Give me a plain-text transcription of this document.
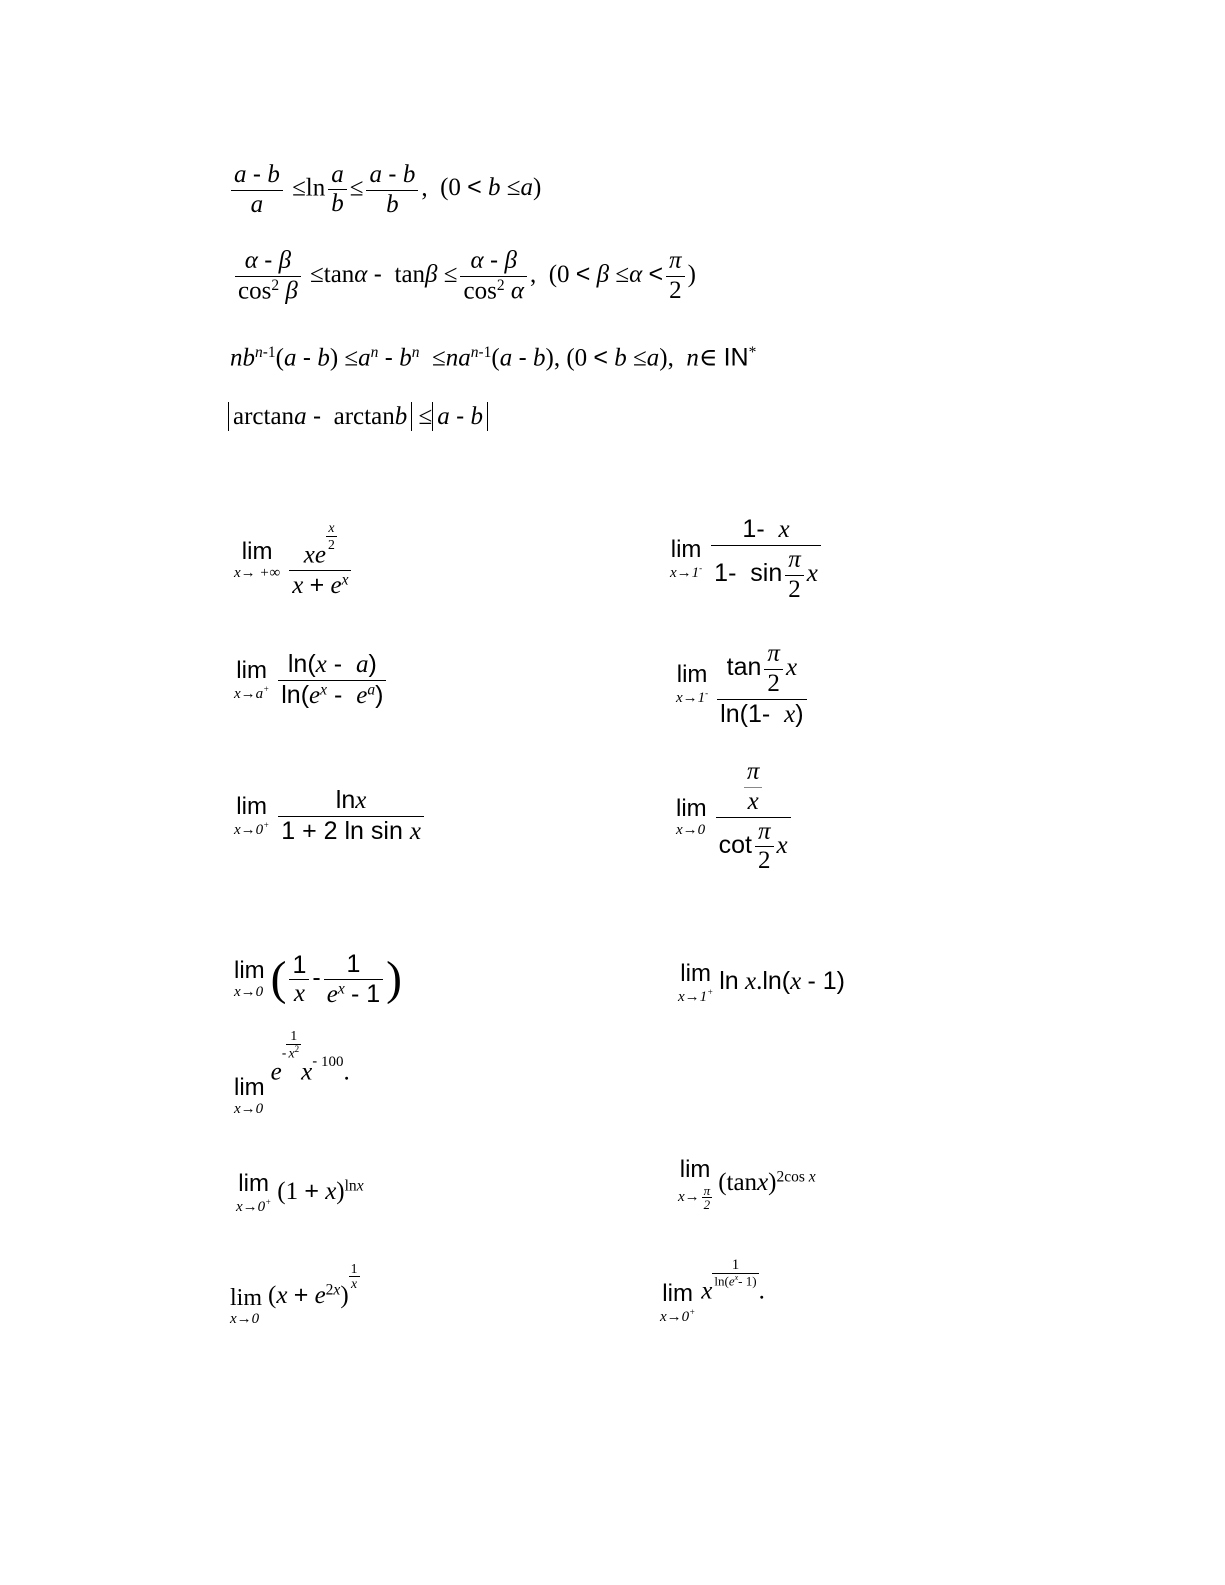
$\frac{a - b}{a} \le\ln \frac{a}{b} \le \frac{a - b}{b}$ ,  (0 < b ≤a)
$\frac{\alpha - \beta}{\cos^2 \beta} \le\tan\alpha - \tan\beta \le \frac{\alpha - \beta}{\cos^2 \alpha}$ ,  ($0 < \beta \le\alpha < \frac{\pi}{2}$ )
$nb^{n-1}(a - b) \le a^n - b^n \le na^{n-1}(a - b)$, (0 < b ≤a),  n∈ IN*
arctana -  arctanb ≤ a - b
lim
x→ +∞
xe
$\frac{x}{2}$
$x + e^x$
lim
$x\to 1^- \frac{1- x}{1- \sin \frac{\pi}{2} x}$
lim
$x\to a^+ \frac{\ln(x - a)}{\ln(e^x - e^a)}$	lim
$x\to 1^- \frac{\tan \frac{\pi}{2} x}{\ln(1- x)}$
lim
$x\to 0^+ \frac{\ln x}{\text{1 + 2 ln sin x}}$	lim
$x\to 0 \frac{\frac{\pi}{x}}{\cot \frac{\pi}{2} x}$
lim
x→0 ( $\frac{1}{x} - \frac{1}{e^x - 1}$ )	lim
x→1+ ln x.ln(x - 1)
lim
x→0
$e- \frac{1}{x^2}$
$x^{- 100}$.
lim
x→0+ $(1 + x)^{lnx}$
lim
x→ π
2
$(\tan x)^{2cos x}$
lim
x→0
$(x + e^{2x})$
$\frac{1}{x}$
lim
x→0+
x
$\frac{1}{\ln(e^x- 1)}$
.
